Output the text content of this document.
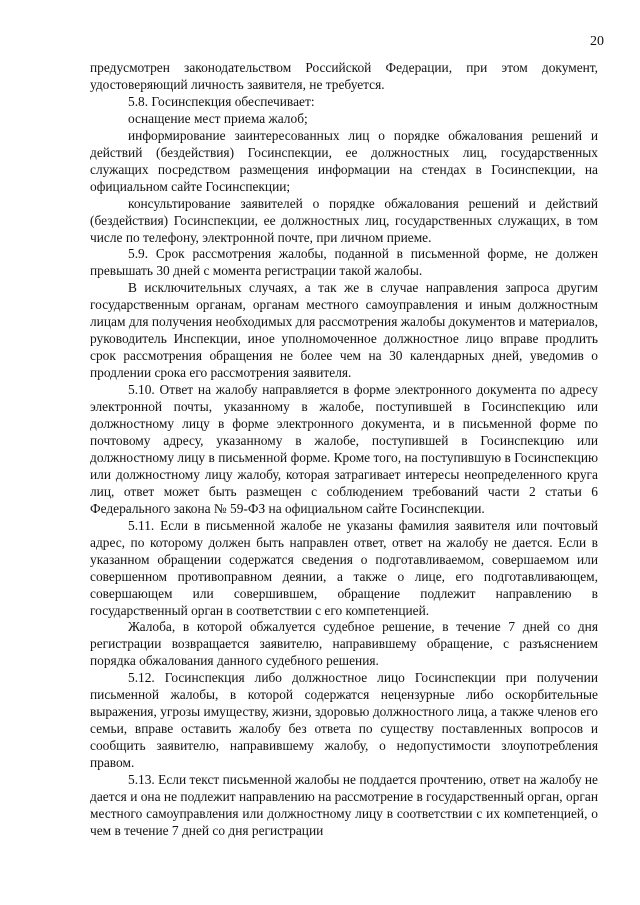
20

предусмотрен законодательством Российской Федерации, при этом документ, удостоверяющий личность заявителя, не требуется.

5.8. Госинспекция обеспечивает:

оснащение мест приема жалоб;

информирование заинтересованных лиц о порядке обжалования решений и действий (бездействия) Госинспекции, ее должностных лиц, государственных служащих посредством размещения информации на стендах в Госинспекции, на официальном сайте Госинспекции;

консультирование заявителей о порядке обжалования решений и действий (бездействия) Госинспекции, ее должностных лиц, государственных служащих, в том числе по телефону, электронной почте, при личном приеме.

5.9. Срок рассмотрения жалобы, поданной в письменной форме, не должен превышать 30 дней с момента регистрации такой жалобы.

В исключительных случаях, а так же в случае направления запроса другим государственным органам, органам местного самоуправления и иным должностным лицам для получения необходимых для рассмотрения жалобы документов и материалов, руководитель Инспекции, иное уполномоченное должностное лицо вправе продлить срок рассмотрения обращения не более чем на 30 календарных дней, уведомив о продлении срока его рассмотрения заявителя.

5.10. Ответ на жалобу направляется в форме электронного документа по адресу электронной почты, указанному в жалобе, поступившей в Госинспекцию или должностному лицу в форме электронного документа, и в письменной форме по почтовому адресу, указанному в жалобе, поступившей в Госинспекцию или должностному лицу в письменной форме. Кроме того, на поступившую в Госинспекцию или должностному лицу жалобу, которая затрагивает интересы неопределенного круга лиц, ответ может быть размещен с соблюдением требований части 2 статьи 6 Федерального закона № 59-ФЗ на официальном сайте Госинспекции.

5.11. Если в письменной жалобе не указаны фамилия заявителя или почтовый адрес, по которому должен быть направлен ответ, ответ на жалобу не дается. Если в указанном обращении содержатся сведения о подготавливаемом, совершаемом или совершенном противоправном деянии, а также о лице, его подготавливающем, совершающем или совершившем, обращение подлежит направлению в государственный орган в соответствии с его компетенцией.

Жалоба, в которой обжалуется судебное решение, в течение 7 дней со дня регистрации возвращается заявителю, направившему обращение, с разъяснением порядка обжалования данного судебного решения.

5.12. Госинспекция либо должностное лицо Госинспекции при получении письменной жалобы, в которой содержатся нецензурные либо оскорбительные выражения, угрозы имуществу, жизни, здоровью должностного лица, а также членов его семьи, вправе оставить жалобу без ответа по существу поставленных вопросов и сообщить заявителю, направившему жалобу, о недопустимости злоупотребления правом.

5.13. Если текст письменной жалобы не поддается прочтению, ответ на жалобу не дается и она не подлежит направлению на рассмотрение в государственный орган, орган местного самоуправления или должностному лицу в соответствии с их компетенцией, о чем в течение 7 дней со дня регистрации
